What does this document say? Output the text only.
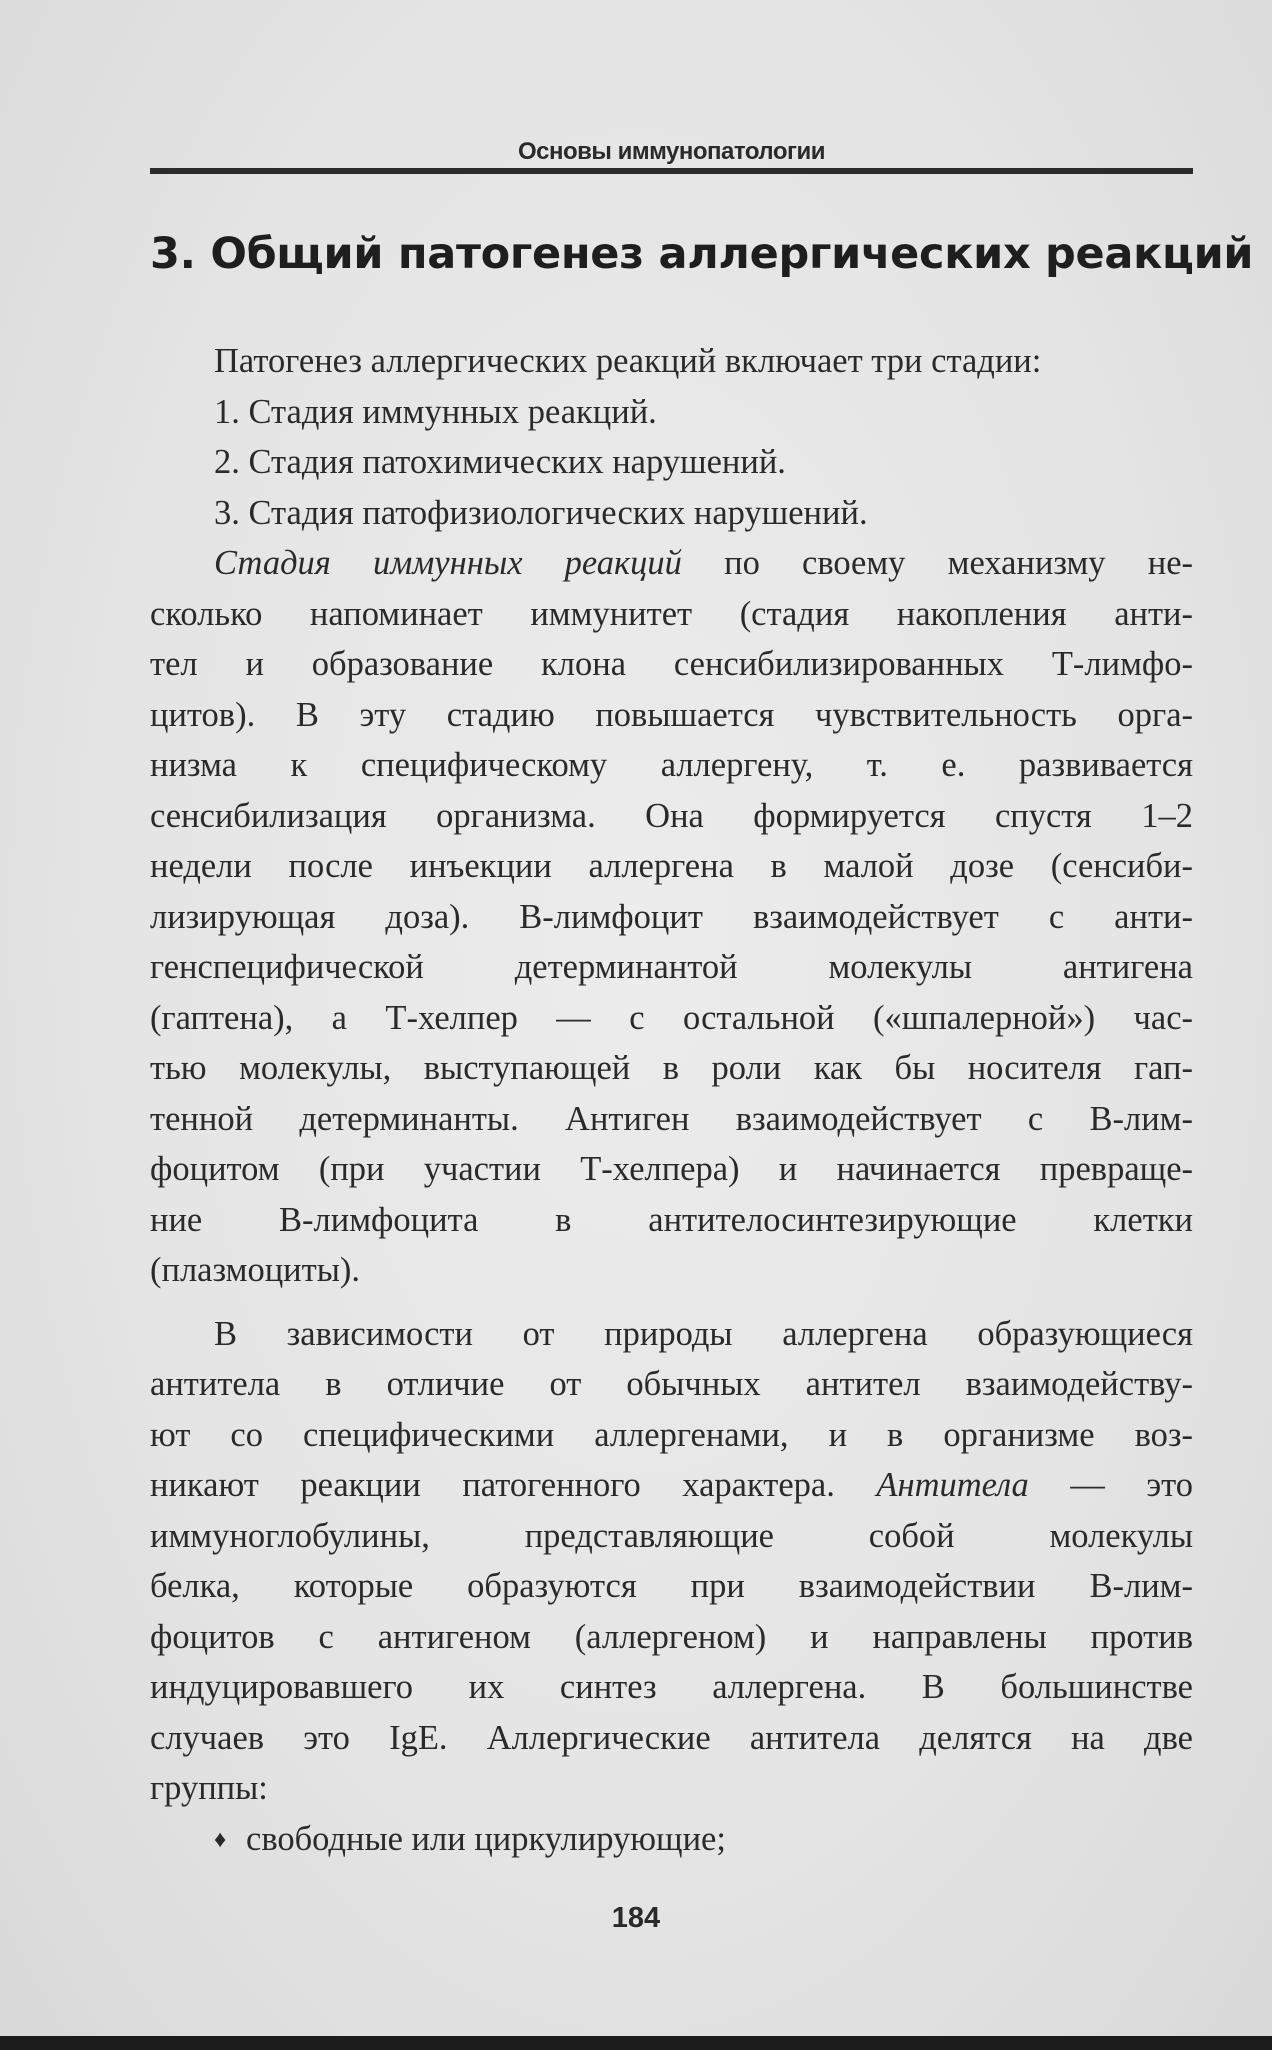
Основы иммунопатологии
3. Общий патогенез аллергических реакций
Патогенез аллергических реакций включает три стадии:
1. Стадия иммунных реакций.
2. Стадия патохимических нарушений.
3. Стадия патофизиологических нарушений.
Стадия иммунных реакций по своему механизму не-
сколько напоминает иммунитет (стадия накопления анти-
тел и образование клона сенсибилизированных Т-лимфо-
цитов). В эту стадию повышается чувствительность орга-
низма к специфическому аллергену, т. е. развивается
сенсибилизация организма. Она формируется спустя 1–2
недели после инъекции аллергена в малой дозе (сенсиби-
лизирующая доза). В-лимфоцит взаимодействует с анти-
генспецифической детерминантой молекулы антигена
(гаптена), а Т-хелпер — с остальной («шпалерной») час-
тью молекулы, выступающей в роли как бы носителя гап-
тенной детерминанты. Антиген взаимодействует с В-лим-
фоцитом (при участии Т-хелпера) и начинается превраще-
ние В-лимфоцита в антителосинтезирующие клетки
(плазмоциты).
В зависимости от природы аллергена образующиеся
антитела в отличие от обычных антител взаимодейству-
ют со специфическими аллергенами, и в организме воз-
никают реакции патогенного характера. Антитела — это
иммуноглобулины, представляющие собой молекулы
белка, которые образуются при взаимодействии В-лим-
фоцитов с антигеном (аллергеном) и направлены против
индуцировавшего их синтез аллергена. В большинстве
случаев это IgE. Аллергические антитела делятся на две
группы:
♦ свободные или циркулирующие;
184
